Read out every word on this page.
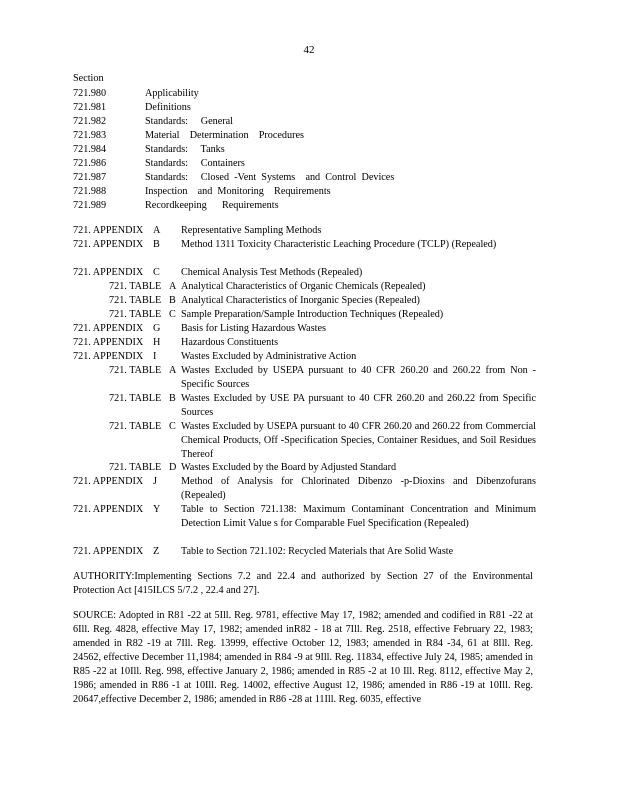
42
Section
721.980	Applicability
721.981	Definitions
721.982	Standards:     General
721.983	Material    Determination    Procedures
721.984	Standards:     Tanks
721.986	Standards:     Containers
721.987	Standards:     Closed  -Vent  Systems    and  Control  Devices
721.988	Inspection    and  Monitoring    Requirements
721.989	Recordkeeping      Requirements
721. APPENDIX A Representative Sampling Methods
721. APPENDIX B Method 1311 Toxicity Characteristic Leaching Procedure (TCLP) (Repealed)
721. APPENDIX C Chemical Analysis Test Methods (Repealed)
721. TABLE A Analytical Characteristics of Organic Chemicals (Repealed)
721. TABLE B Analytical Characteristics of Inorganic Species (Repealed)
721. TABLE C Sample Preparation/Sample Introduction Techniques (Repealed)
721. APPENDIX G Basis for Listing Hazardous Wastes
721. APPENDIX H Hazardous Constituents
721. APPENDIX I Wastes Excluded by Administrative Action
721. TABLE A Wastes Excluded by USEPA pursuant to 40 CFR 260.20 and 260.22 from Non -Specific Sources
721. TABLE B Wastes Excluded by USE PA pursuant to 40 CFR 260.20 and 260.22 from Specific Sources
721. TABLE C Wastes Excluded by USEPA pursuant to 40 CFR 260.20 and 260.22 from Commercial Chemical Products, Off -Specification Species, Container Residues, and Soil Residues Thereof
721. TABLE D Wastes Excluded by the Board by Adjusted Standard
721. APPENDIX J Method of Analysis for Chlorinated Dibenzo -p-Dioxins and Dibenzofurans (Repealed)
721. APPENDIX Y Table to Section 721.138: Maximum Contaminant Concentration and Minimum Detection Limit Value s for Comparable Fuel Specification (Repealed)
721. APPENDIX Z Table to Section 721.102: Recycled Materials that Are Solid Waste
AUTHORITY:Implementing Sections 7.2 and 22.4 and authorized by Section 27 of the Environmental Protection Act [415ILCS 5/7.2 , 22.4 and 27].
SOURCE: Adopted in R81 -22 at 5Ill. Reg. 9781, effective May 17, 1982; amended and codified in R81 -22 at 6Ill. Reg. 4828, effective May 17, 1982; amended inR82 - 18 at 7Ill. Reg. 2518, effective February 22, 1983; amended in R82 -19 at 7Ill. Reg. 13999, effective October 12, 1983; amended in R84 -34, 61 at 8Ill. Reg. 24562, effective December 11,1984; amended in R84 -9 at 9Ill. Reg. 11834, effective July 24, 1985; amended in R85 -22 at 10Ill. Reg. 998, effective January 2, 1986; amended in R85 -2 at 10 Ill. Reg. 8112, effective May 2, 1986; amended in R86 -1 at 10Ill. Reg. 14002, effective August 12, 1986; amended in R86 -19 at 10Ill. Reg. 20647,effective December 2, 1986; amended in R86 -28 at 11Ill. Reg. 6035, effective
